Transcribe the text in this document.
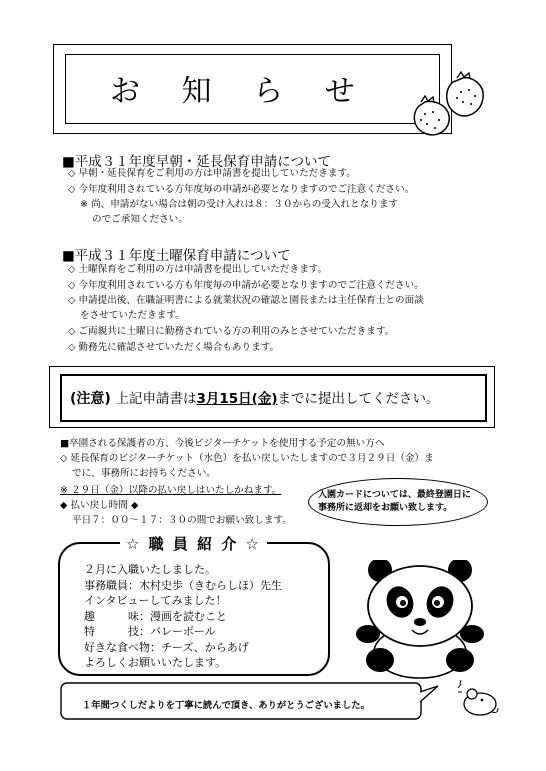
お 知 ら せ
■平成３１年度早朝・延長保育申請について
◇ 早朝・延長保育をご利用の方は申請書を提出していただきます。
◇ 今年度利用されている方年度毎の申請が必要となりますのでご注意ください。
※ 尚、申請がない場合は朝の受け入れは８：３０からの受入れとなります
のでご承知ください。
■平成３１年度土曜保育申請について
◇ 土曜保育をご利用の方は申請書を提出していただきます。
◇ 今年度利用されている方も年度毎の申請が必要となりますのでご注意ください。
◇ 申請提出後、在職証明書による就業状況の確認と園長または主任保育士との面談
をさせていただきます。
◇ ご両親共に土曜日に勤務されている方の利用のみとさせていただきます。
◇ 勤務先に確認させていただく場合もあります。
(注意) 上記申請書は3月15日(金)までに提出してください。
■卒園される保護者の方、今後ビジターチケットを使用する予定の無い方へ
◇ 延長保育のビジターチケット（水色）を払い戻しいたしますので３月２９日（金）ま
でに、事務所にお持ちください。
※ ２９日（金）以降の払い戻しはいたしかねます。
◆ 払い戻し時間 ◆
平日７：００～１７：３０の間でお願い致します。
入園カードについては、最終登園日に
事務所に返却をお願い致します。
☆ 職 員 紹 介 ☆
２月に入職いたしました。
事務職員：木村史歩（きむらしほ）先生
インタビューしてみました！
趣　　　味：漫画を読むこと
特　　　技：バレーボール
好きな食べ物：チーズ、からあげ
よろしくお願いいたします。
１年間つくしだよりを丁寧に読んで頂き、ありがとうございました。
